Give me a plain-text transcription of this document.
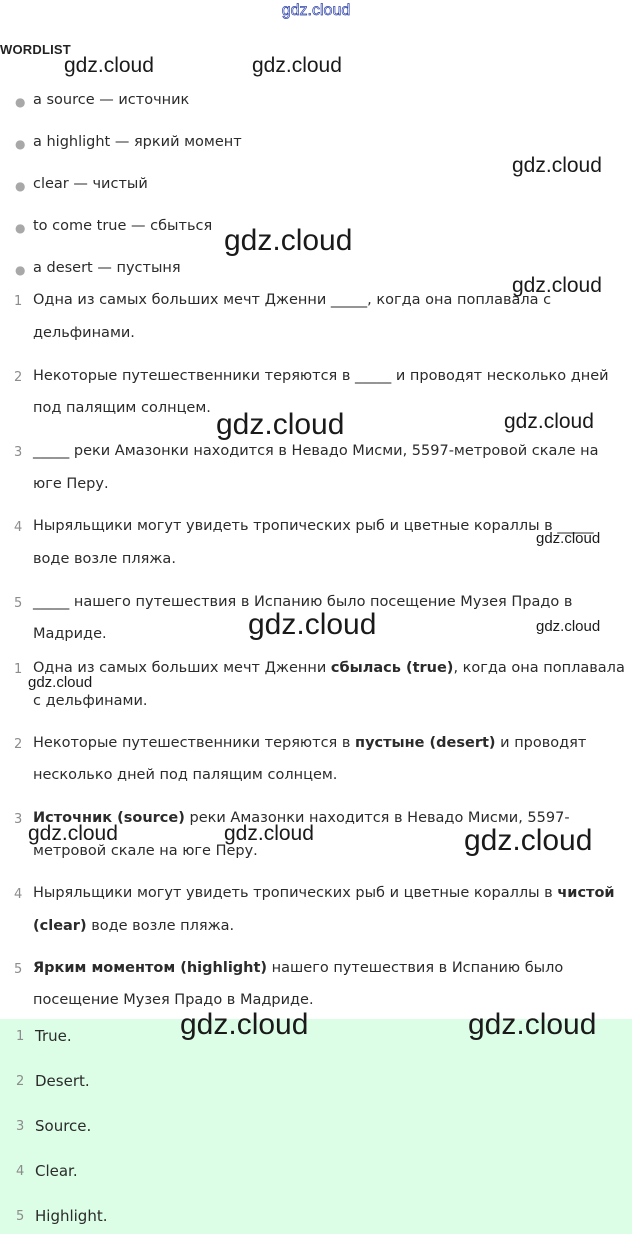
gdz.cloud
WORDLIST
● a source — источник
● a highlight — яркий момент
● clear — чистый
● to come true — сбыться
● a desert — пустыня
1 Одна из самых больших мечт Дженни _____, когда она поплавала с
дельфинами.
2 Некоторые путешественники теряются в _____ и проводят несколько дней
под палящим солнцем.
3 _____ реки Амазонки находится в Невадо Мисми, 5597-метровой скале на
юге Перу.
4 Ныряльщики могут увидеть тропических рыб и цветные кораллы в _____
воде возле пляжа.
5 _____ нашего путешествия в Испанию было посещение Музея Прадо в
Мадриде.
1 Одна из самых больших мечт Дженни сбылась (true), когда она поплавала
с дельфинами.
2 Некоторые путешественники теряются в пустыне (desert) и проводят
несколько дней под палящим солнцем.
3 Источник (source) реки Амазонки находится в Невадо Мисми, 5597-
метровой скале на юге Перу.
4 Ныряльщики могут увидеть тропических рыб и цветные кораллы в чистой
(clear) воде возле пляжа.
5 Ярким моментом (highlight) нашего путешествия в Испанию было
посещение Музея Прадо в Мадриде.
1 True.
2 Desert.
3 Source.
4 Clear.
5 Highlight.
gdz.cloud	gdz.cloud
gdz.cloud
gdz.cloud
gdz.cloud
gdz.cloud	gdz.cloud
gdz.cloud
gdz.cloud	gdz.cloud
gdz.cloud
gdz.cloud	gdz.cloud	gdz.cloud
gdz.cloud	gdz.cloud
